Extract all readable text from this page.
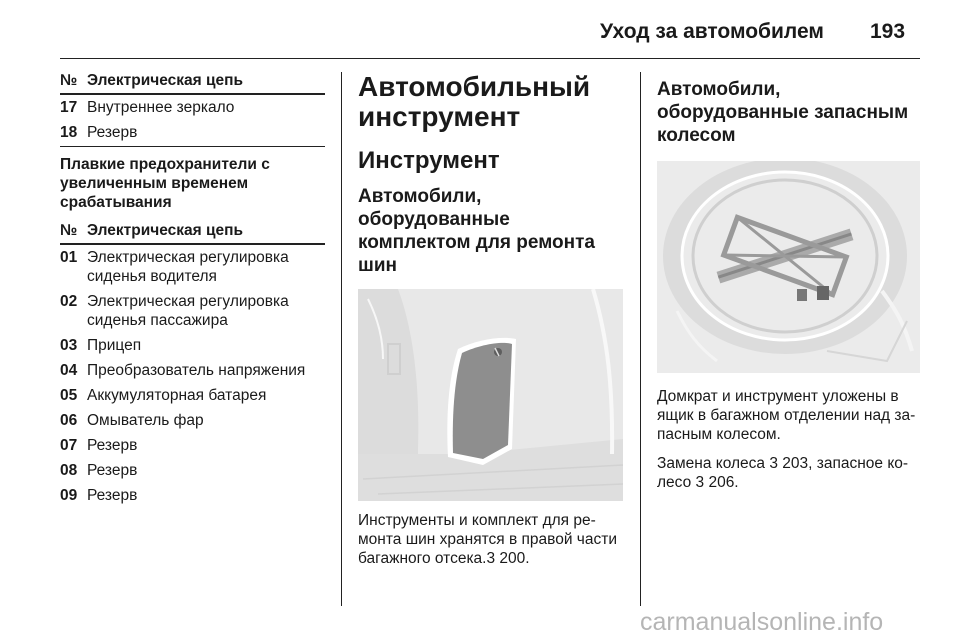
Уход за автомобилем 193
№ Электрическая цепь
17 Внутреннее зеркало
18 Резерв
Плавкие предохранители с увеличенным временем срабатывания
№ Электрическая цепь
01 Электрическая регулировка сиденья водителя
02 Электрическая регулировка сиденья пассажира
03 Прицеп
04 Преобразователь напряжения
05 Аккумуляторная батарея
06 Омыватель фар
07 Резерв
08 Резерв
09 Резерв
Автомобильный инструмент
Инструмент
Автомобили, оборудованные комплектом для ремонта шин
Инструменты и комплект для ре-монта шин хранятся в правой части багажного отсека.3 200.
Автомобили, оборудованные запасным колесом
Домкрат и инструмент уложены в ящик в багажном отделении над за-пасным колесом.
Замена колеса 3 203, запасное ко-лесо 3 206.
carmanualsonline.info
